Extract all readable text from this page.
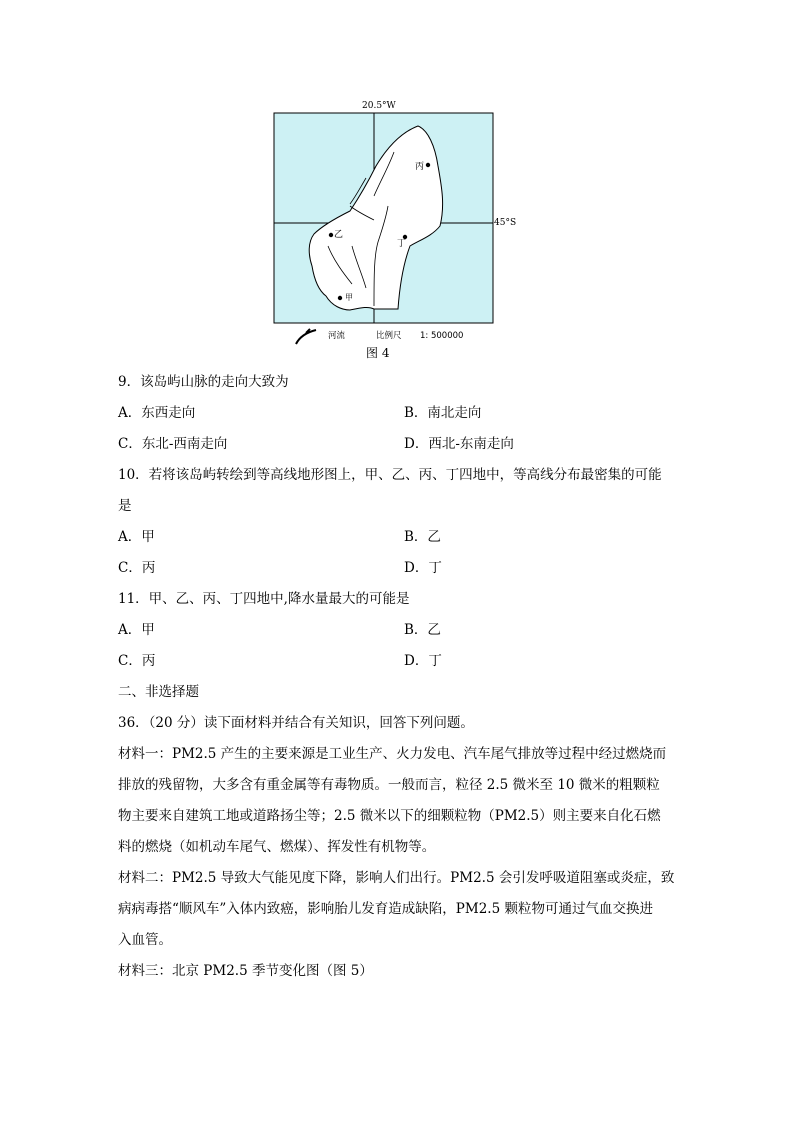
20.5°W
45°S
丙
乙
丁
甲
河流	比例尺 1: 500000
图 4
9．该岛屿山脉的走向大致为
A．东西走向	B．南北走向
C．东北-西南走向	D．西北-东南走向
10．若将该岛屿转绘到等高线地形图上，甲、乙、丙、丁四地中，等高线分布最密集的可能
是
A．甲	B．乙
C．丙	D．丁
11．甲、乙、丙、丁四地中,降水量最大的可能是
A．甲	B．乙
C．丙	D．丁
二、非选择题
36．（20 分）读下面材料并结合有关知识，回答下列问题。
材料一：PM2.5 产生的主要来源是工业生产、火力发电、汽车尾气排放等过程中经过燃烧而
排放的残留物，大多含有重金属等有毒物质。一般而言，粒径 2.5 微米至 10 微米的粗颗粒
物主要来自建筑工地或道路扬尘等；2.5 微米以下的细颗粒物（PM2.5）则主要来自化石燃
料的燃烧（如机动车尾气、燃煤）、挥发性有机物等。
材料二：PM2.5 导致大气能见度下降，影响人们出行。PM2.5 会引发呼吸道阻塞或炎症，致
病病毒搭“顺风车”入体内致癌，影响胎儿发育造成缺陷，PM2.5 颗粒物可通过气血交换进
入血管。
材料三：北京 PM2.5 季节变化图（图 5）
